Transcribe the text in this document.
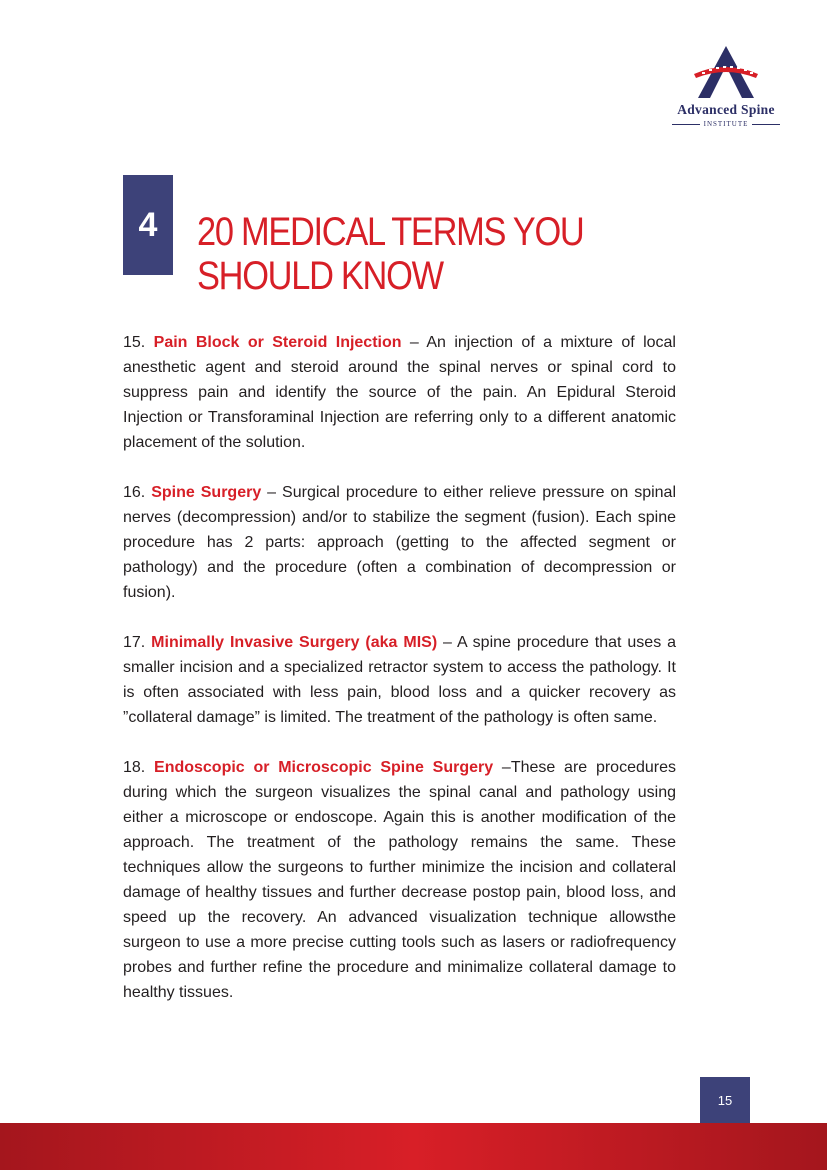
Advanced Spine
INSTITUTE
4 20 MEDICAL TERMS YOU
SHOULD KNOW

15. Pain Block or Steroid Injection – An injection of a mixture of local anesthetic agent and steroid around the spinal nerves or spinal cord to suppress pain and identify the source of the pain. An Epidural Steroid Injection or Transforaminal Injection are referring only to a different anatomic placement of the solution.

16. Spine Surgery – Surgical procedure to either relieve pressure on spinal nerves (decompression) and/or to stabilize the segment (fusion). Each spine procedure has 2 parts: approach (getting to the affected segment or pathology) and the procedure (often a combination of decompression or fusion).

17. Minimally Invasive Surgery (aka MIS) – A spine procedure that uses a smaller incision and a specialized retractor system to access the pathology. It is often associated with less pain, blood loss and a quicker recovery as ”collateral damage” is limited. The treatment of the pathology is often same.

18. Endoscopic or Microscopic Spine Surgery –These are procedures during which the surgeon visualizes the spinal canal and pathology using either a microscope or endoscope. Again this is another modification of the approach. The treatment of the pathology remains the same. These techniques allow the surgeons to further minimize the incision and collateral damage of healthy tissues and further decrease postop pain, blood loss, and speed up the recovery. An advanced visualization technique allowsthe surgeon to use a more precise cutting tools such as lasers or radiofrequency probes and further refine the procedure and minimalize collateral damage to healthy tissues.

15
